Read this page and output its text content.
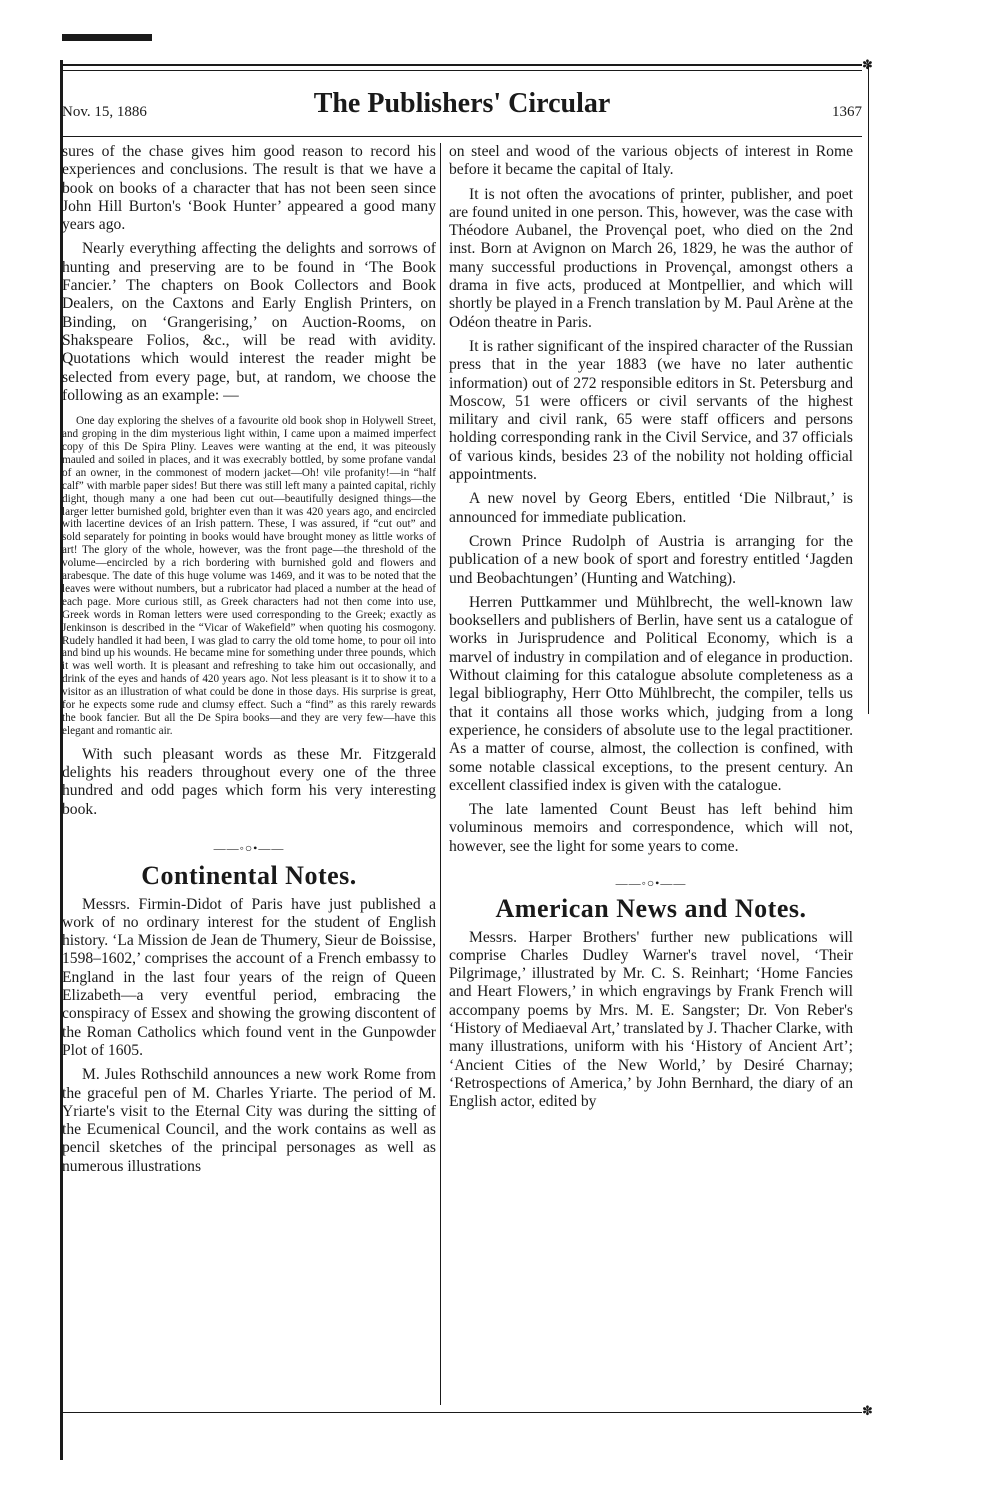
✽
✽
Nov. 15, 1886	The Publishers' Circular	1367

sures of the chase gives him good reason to record his experiences and conclusions. The result is that we have a book on books of a character that has not been seen since John Hill Burton's ‘Book Hunter’ appeared a good many years ago.

Nearly everything affecting the delights and sorrows of hunting and preserving are to be found in ‘The Book Fancier.’ The chapters on Book Collectors and Book Dealers, on the Caxtons and Early English Printers, on Binding, on ‘Grangerising,’ on Auction-Rooms, on Shakspeare Folios, &c., will be read with avidity. Quotations which would interest the reader might be selected from every page, but, at random, we choose the following as an example: —

One day exploring the shelves of a favourite old book shop in Holywell Street, and groping in the dim mysterious light within, I came upon a maimed imperfect copy of this De Spira Pliny. Leaves were wanting at the end, it was piteously mauled and soiled in places, and it was execrably bottled, by some profane vandal of an owner, in the commonest of modern jacket—Oh! vile profanity!—in “half calf” with marble paper sides! But there was still left many a painted capital, richly dight, though many a one had been cut out—beautifully designed things—the larger letter burnished gold, brighter even than it was 420 years ago, and encircled with lacertine devices of an Irish pattern. These, I was assured, if “cut out” and sold separately for pointing in books would have brought money as little works of art! The glory of the whole, however, was the front page—the threshold of the volume—encircled by a rich bordering with burnished gold and flowers and arabesque. The date of this huge volume was 1469, and it was to be noted that the leaves were without numbers, but a rubricator had placed a number at the head of each page. More curious still, as Greek characters had not then come into use, Greek words in Roman letters were used corresponding to the Greek; exactly as Jenkinson is described in the “Vicar of Wakefield” when quoting his cosmogony. Rudely handled it had been, I was glad to carry the old tome home, to pour oil into and bind up his wounds. He became mine for something under three pounds, which it was well worth. It is pleasant and refreshing to take him out occasionally, and drink of the eyes and hands of 420 years ago. Not less pleasant is it to show it to a visitor as an illustration of what could be done in those days. His surprise is great, for he expects some rude and clumsy effect. Such a “find” as this rarely rewards the book fancier. But all the De Spira books—and they are very few—have this elegant and romantic air.

With such pleasant words as these Mr. Fitzgerald delights his readers throughout every one of the three hundred and odd pages which form his very interesting book.

——◦○•——
Continental Notes.

Messrs. Firmin-Didot of Paris have just published a work of no ordinary interest for the student of English history. ‘La Mission de Jean de Thumery, Sieur de Boissise, 1598–1602,’ comprises the account of a French embassy to England in the last four years of the reign of Queen Elizabeth—a very eventful period, embracing the conspiracy of Essex and showing the growing discontent of the Roman Catholics which found vent in the Gunpowder Plot of 1605.

M. Jules Rothschild announces a new work Rome from the graceful pen of M. Charles Yriarte. The period of M. Yriarte's visit to the Eternal City was during the sitting of the Ecumenical Council, and the work contains as well as pencil sketches of the principal personages as well as numerous illustrations

on steel and wood of the various objects of interest in Rome before it became the capital of Italy.

It is not often the avocations of printer, publisher, and poet are found united in one person. This, however, was the case with Théodore Aubanel, the Provençal poet, who died on the 2nd inst. Born at Avignon on March 26, 1829, he was the author of many successful productions in Provençal, amongst others a drama in five acts, produced at Montpellier, and which will shortly be played in a French translation by M. Paul Arène at the Odéon theatre in Paris.

It is rather significant of the inspired character of the Russian press that in the year 1883 (we have no later authentic information) out of 272 responsible editors in St. Petersburg and Moscow, 51 were officers or civil servants of the highest military and civil rank, 65 were staff officers and persons holding corresponding rank in the Civil Service, and 37 officials of various kinds, besides 23 of the nobility not holding official appointments.

A new novel by Georg Ebers, entitled ‘Die Nilbraut,’ is announced for immediate publication.

Crown Prince Rudolph of Austria is arranging for the publication of a new book of sport and forestry entitled ‘Jagden und Beobachtungen’ (Hunting and Watching).

Herren Puttkammer und Mühlbrecht, the well-known law booksellers and publishers of Berlin, have sent us a catalogue of works in Jurisprudence and Political Economy, which is a marvel of industry in compilation and of elegance in production. Without claiming for this catalogue absolute completeness as a legal bibliography, Herr Otto Mühlbrecht, the compiler, tells us that it contains all those works which, judging from a long experience, he considers of absolute use to the legal practitioner. As a matter of course, almost, the collection is confined, with some notable classical exceptions, to the present century. An excellent classified index is given with the catalogue.

The late lamented Count Beust has left behind him voluminous memoirs and correspondence, which will not, however, see the light for some years to come.

——◦○•——
American News and Notes.

Messrs. Harper Brothers' further new publications will comprise Charles Dudley Warner's travel novel, ‘Their Pilgrimage,’ illustrated by Mr. C. S. Reinhart; ‘Home Fancies and Heart Flowers,’ in which engravings by Frank French will accompany poems by Mrs. M. E. Sangster; Dr. Von Reber's ‘History of Mediaeval Art,’ translated by J. Thacher Clarke, with many illustrations, uniform with his ‘History of Ancient Art’; ‘Ancient Cities of the New World,’ by Desiré Charnay; ‘Retrospections of America,’ by John Bernhard, the diary of an English actor, edited by
